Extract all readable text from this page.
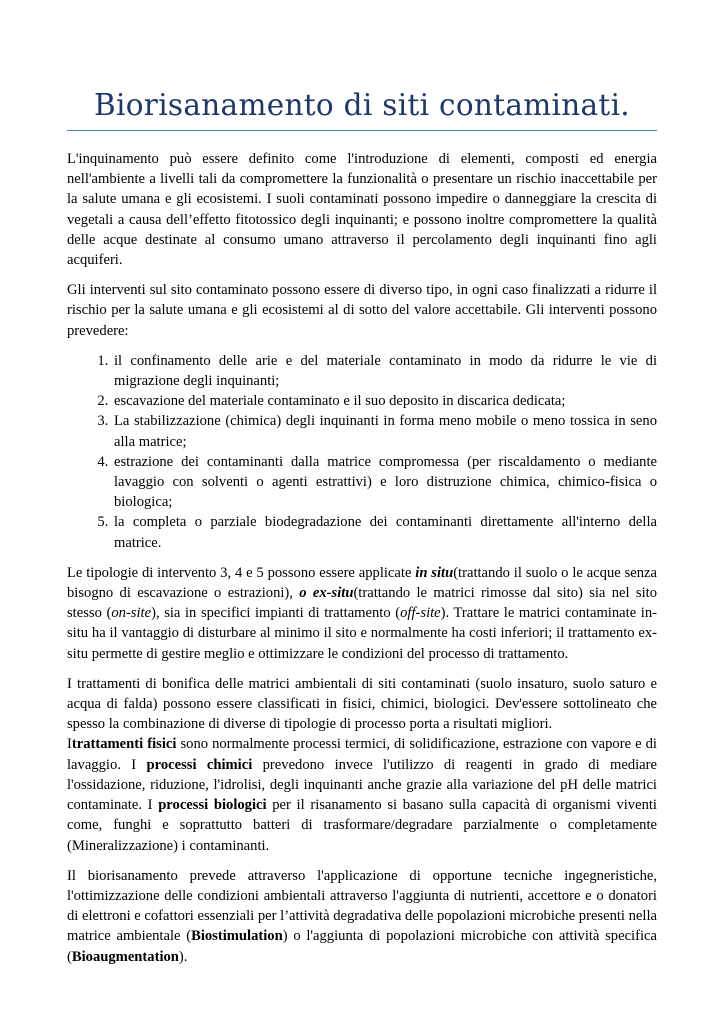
Biorisanamento di siti contaminati.

L'inquinamento può essere definito come l'introduzione di elementi, composti ed energia nell'ambiente a livelli tali da compromettere la funzionalità o presentare un rischio inaccettabile per la salute umana e gli ecosistemi. I suoli contaminati possono impedire o danneggiare la crescita di vegetali a causa dell’effetto fitotossico degli inquinanti; e possono inoltre compromettere la qualità delle acque destinate al consumo umano attraverso il percolamento degli inquinanti fino agli acquiferi.

Gli interventi sul sito contaminato possono essere di diverso tipo, in ogni caso finalizzati a ridurre il rischio per la salute umana e gli ecosistemi al di sotto del valore accettabile. Gli interventi possono prevedere:

1. il confinamento delle arie e del materiale contaminato in modo da ridurre le vie di migrazione degli inquinanti;
2. escavazione del materiale contaminato e il suo deposito in discarica dedicata;
3. La stabilizzazione (chimica) degli inquinanti in forma meno mobile o meno tossica in seno alla matrice;
4. estrazione dei contaminanti dalla matrice compromessa (per riscaldamento o mediante lavaggio con solventi o agenti estrattivi) e loro distruzione chimica, chimico-fisica o biologica;
5. la completa o parziale biodegradazione dei contaminanti direttamente all'interno della matrice.

Le tipologie di intervento 3, 4 e 5 possono essere applicate in situ(trattando il suolo o le acque senza bisogno di escavazione o estrazioni), o ex-situ(trattando le matrici rimosse dal sito) sia nel sito stesso (on-site), sia in specifici impianti di trattamento (off-site). Trattare le matrici contaminate in-situ ha il vantaggio di disturbare al minimo il sito e normalmente ha costi inferiori; il trattamento ex-situ permette di gestire meglio e ottimizzare le condizioni del processo di trattamento.

I trattamenti di bonifica delle matrici ambientali di siti contaminati (suolo insaturo, suolo saturo e acqua di falda) possono essere classificati in fisici, chimici, biologici. Dev'essere sottolineato che spesso la combinazione di diverse di tipologie di processo porta a risultati migliori.

Itrattamenti fisici sono normalmente processi termici, di solidificazione, estrazione con vapore e di lavaggio. I processi chimici prevedono invece l'utilizzo di reagenti in grado di mediare l'ossidazione, riduzione, l'idrolisi, degli inquinanti anche grazie alla variazione del pH delle matrici contaminate. I processi biologici per il risanamento si basano sulla capacità di organismi viventi come, funghi e soprattutto batteri di trasformare/degradare parzialmente o completamente (Mineralizzazione) i contaminanti.

Il biorisanamento prevede attraverso l'applicazione di opportune tecniche ingegneristiche, l'ottimizzazione delle condizioni ambientali attraverso l'aggiunta di nutrienti, accettore e o donatori di elettroni e cofattori essenziali per l’attività degradativa delle popolazioni microbiche presenti nella matrice ambientale (Biostimulation) o l'aggiunta di popolazioni microbiche con attività specifica (Bioaugmentation).
